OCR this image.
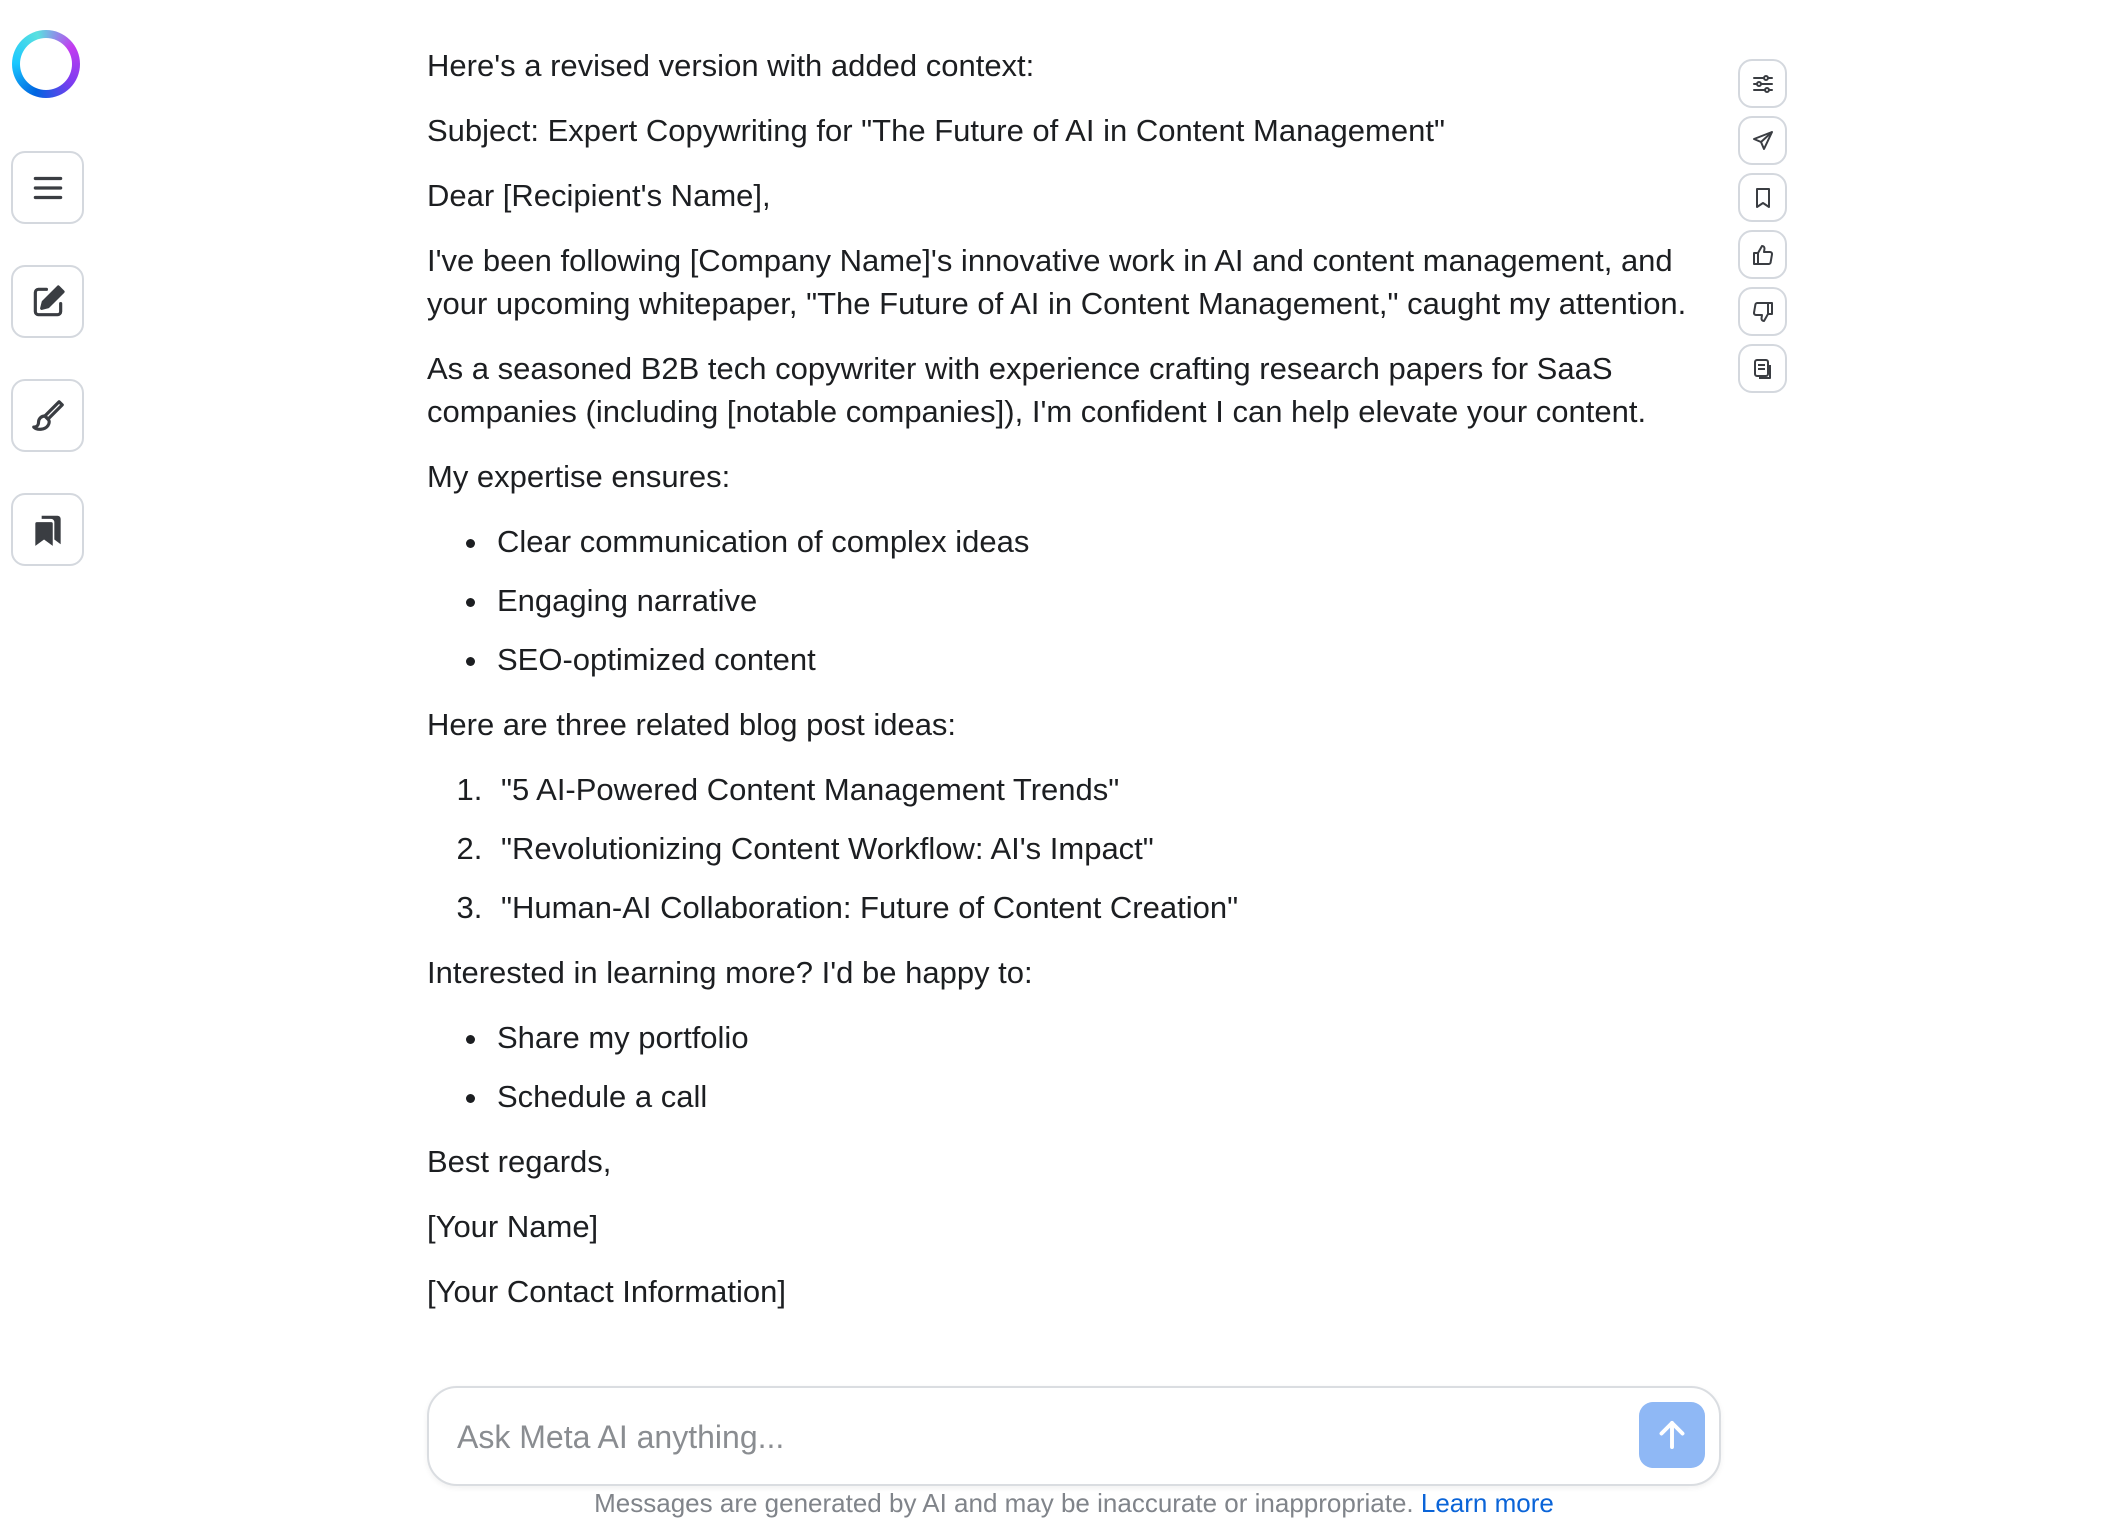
Here's a revised version with added context:

Subject: Expert Copywriting for "The Future of AI in Content Management"

Dear [Recipient's Name],

I've been following [Company Name]'s innovative work in AI and content management, and your upcoming whitepaper, "The Future of AI in Content Management," caught my attention.

As a seasoned B2B tech copywriter with experience crafting research papers for SaaS companies (including [notable companies]), I'm confident I can help elevate your content.

My expertise ensures:

• Clear communication of complex ideas
• Engaging narrative
• SEO-optimized content

Here are three related blog post ideas:

1. "5 AI-Powered Content Management Trends"
2. "Revolutionizing Content Workflow: AI's Impact"
3. "Human-AI Collaboration: Future of Content Creation"

Interested in learning more? I'd be happy to:

• Share my portfolio
• Schedule a call

Best regards,

[Your Name]

[Your Contact Information]

Ask Meta AI anything...
Messages are generated by AI and may be inaccurate or inappropriate. Learn more
